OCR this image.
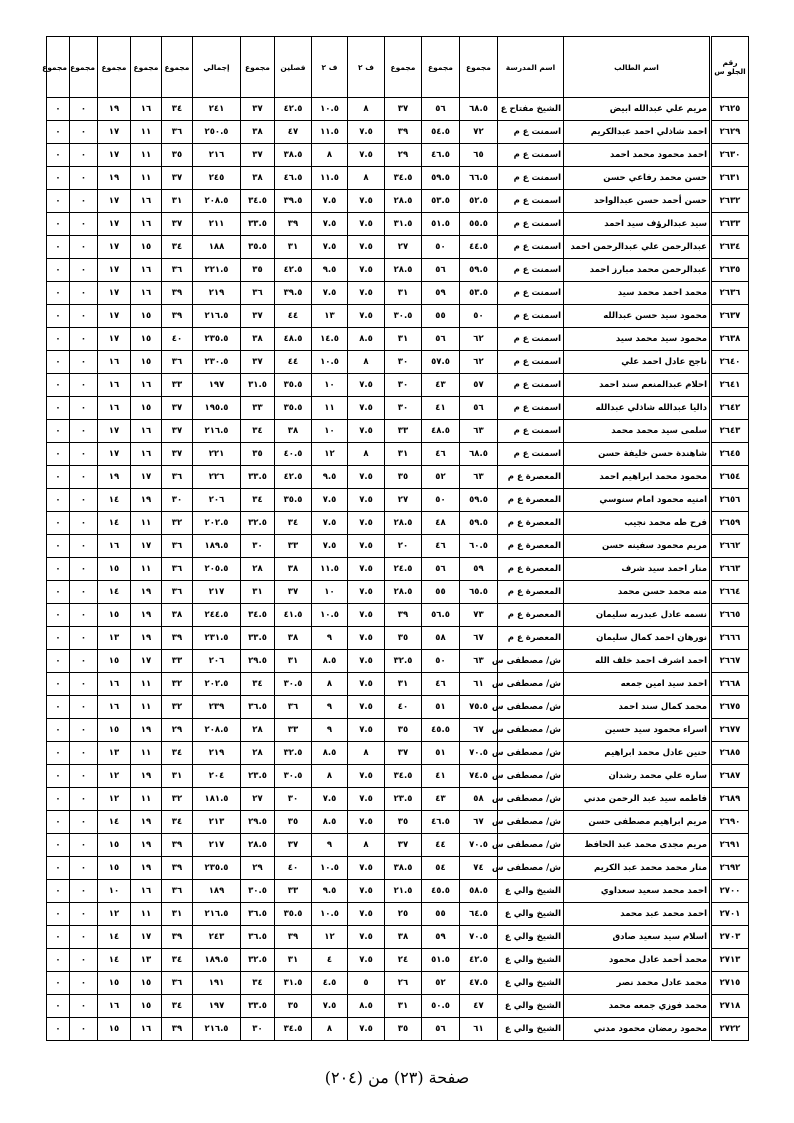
رقم الجلو س	اسم الطالب	اسم المدرسة	مجموع	مجموع	مجموع	ف ٢	ف ٢	فصلين	مجموع	إجمالي	مجموع	مجموع	مجموع	مجموع	مجموع
٢٦٢٥	مريم علي عبدالله ابيض	الشيخ مفتاح ع	٦٨.٥	٥٦	٣٧	٨	١٠.٥	٤٢.٥	٣٧	٢٤١	٣٤	١٦	١٩	٠	٠
٢٦٢٩	احمد شاذلي احمد عبدالكريم	اسمنت ع م	٧٢	٥٤.٥	٣٩	٧.٥	١١.٥	٤٧	٣٨	٢٥٠.٥	٣٦	١١	١٧	٠	٠
٢٦٣٠	احمد محمود محمد احمد	اسمنت ع م	٦٥	٤٦.٥	٢٩	٧.٥	٨	٣٨.٥	٣٧	٢١٦	٣٥	١١	١٧	٠	٠
٢٦٣١	حسن محمد رفاعي حسن	اسمنت ع م	٦٦.٥	٥٩.٥	٣٤.٥	٨	١١.٥	٤٦.٥	٣٨	٢٤٥	٣٧	١١	١٩	٠	٠
٢٦٣٢	حسن أحمد حسن عبدالواحد	اسمنت ع م	٥٢.٥	٥٣.٥	٢٨.٥	٧.٥	٧.٥	٣٩.٥	٣٤.٥	٢٠٨.٥	٣١	١٦	١٧	٠	٠
٢٦٣٣	سيد عبدالرؤف سيد احمد	اسمنت ع م	٥٥.٥	٥١.٥	٣١.٥	٧.٥	٧.٥	٣٩	٣٣.٥	٢١١	٣٧	١٦	١٧	٠	٠
٢٦٣٤	عبدالرحمن علي عبدالرحمن احمد	اسمنت ع م	٤٤.٥	٥٠	٢٧	٧.٥	٧.٥	٣١	٣٥.٥	١٨٨	٣٤	١٥	١٧	٠	٠
٢٦٣٥	عبدالرحمن محمد مبارز احمد	اسمنت ع م	٥٩.٥	٥٦	٢٨.٥	٧.٥	٩.٥	٤٢.٥	٣٥	٢٢١.٥	٣٦	١٦	١٧	٠	٠
٢٦٣٦	محمد احمد محمد سيد	اسمنت ع م	٥٣.٥	٥٩	٣١	٧.٥	٧.٥	٣٩.٥	٣٦	٢١٩	٣٩	١٦	١٧	٠	٠
٢٦٣٧	محمود سيد حسن عبدالله	اسمنت ع م	٥٠	٥٥	٣٠.٥	٧.٥	١٣	٤٤	٣٧	٢١٦.٥	٣٩	١٥	١٧	٠	٠
٢٦٣٨	محمود سيد محمد سيد	اسمنت ع م	٦٢	٥٦	٣١	٨.٥	١٤.٥	٤٨.٥	٣٨	٢٣٥.٥	٤٠	١٥	١٧	٠	٠
٢٦٤٠	ناجح عادل احمد علي	اسمنت ع م	٦٢	٥٧.٥	٣٠	٨	١٠.٥	٤٤	٣٧	٢٣٠.٥	٣٦	١٥	١٦	٠	٠
٢٦٤١	احلام عبدالمنعم سند احمد	اسمنت ع م	٥٧	٤٣	٣٠	٧.٥	١٠	٣٥.٥	٣١.٥	١٩٧	٣٣	١٦	١٦	٠	٠
٢٦٤٢	داليا عبدالله شاذلي عبدالله	اسمنت ع م	٥٦	٤١	٣٠	٧.٥	١١	٣٥.٥	٣٣	١٩٥.٥	٣٧	١٥	١٦	٠	٠
٢٦٤٣	سلمى سيد محمد محمد	اسمنت ع م	٦٣	٤٨.٥	٣٣	٧.٥	١٠	٣٨	٣٤	٢١٦.٥	٣٧	١٦	١٧	٠	٠
٢٦٤٥	شاهندة حسن خليفة حسن	اسمنت ع م	٦٨.٥	٤٦	٣١	٨	١٢	٤٠.٥	٣٥	٢٢١	٣٧	١٦	١٧	٠	٠
٢٦٥٤	محمود محمد ابراهيم احمد	المعصرة ع م	٦٣	٥٢	٣٥	٧.٥	٩.٥	٤٢.٥	٣٣.٥	٢٢٦	٣٦	١٧	١٩	٠	٠
٢٦٥٦	امنيه محمود امام سنوسي	المعصرة ع م	٥٩.٥	٥٠	٢٧	٧.٥	٧.٥	٣٥.٥	٣٤	٢٠٦	٣٠	١٩	١٤	٠	٠
٢٦٥٩	فرح طه محمد نجيب	المعصرة ع م	٥٩.٥	٤٨	٢٨.٥	٧.٥	٧.٥	٣٤	٣٢.٥	٢٠٢.٥	٣٢	١١	١٤	٠	٠
٢٦٦٢	مريم محمود سفينه حسن	المعصرة ع م	٦٠.٥	٤٦	٢٠	٧.٥	٧.٥	٣٣	٣٠	١٨٩.٥	٣٦	١٧	١٦	٠	٠
٢٦٦٣	منار احمد سيد شرف	المعصرة ع م	٥٩	٥٦	٢٤.٥	٧.٥	١١.٥	٣٨	٢٨	٢٠٥.٥	٣٦	١١	١٥	٠	٠
٢٦٦٤	منه محمد حسن محمد	المعصرة ع م	٦٥.٥	٥٥	٢٨.٥	٧.٥	١٠	٣٧	٣١	٢١٧	٣٦	١٩	١٤	٠	٠
٢٦٦٥	نسمه عادل عبدربه سليمان	المعصرة ع م	٧٣	٥٦.٥	٣٩	٧.٥	١٠.٥	٤١.٥	٣٤.٥	٢٤٤.٥	٣٨	١٩	١٥	٠	٠
٢٦٦٦	نورهان احمد كمال سليمان	المعصرة ع م	٦٧	٥٨	٣٥	٧.٥	٩	٣٨	٣٣.٥	٢٣١.٥	٣٩	١٩	١٣	٠	٠
٢٦٦٧	احمد اشرف احمد خلف الله	ش/ مصطفى س	٦٣	٥٠	٣٢.٥	٧.٥	٨.٥	٣١	٢٩.٥	٢٠٦	٣٣	١٧	١٥	٠	٠
٢٦٦٨	احمد سيد امين جمعه	ش/ مصطفى س	٦١	٤٦	٣١	٧.٥	٨	٣٠.٥	٣٤	٢٠٢.٥	٣٢	١١	١٦	٠	٠
٢٦٧٥	محمد كمال سند احمد	ش/ مصطفى س	٧٥.٥	٥١	٤٠	٧.٥	٩	٣٦	٣٦.٥	٢٣٩	٣٢	١١	١٦	٠	٠
٢٦٧٧	اسراء محمود سيد حسين	ش/ مصطفى س	٦٧	٤٥.٥	٣٥	٧.٥	٩	٣٣	٢٨	٢٠٨.٥	٢٩	١٩	١٥	٠	٠
٢٦٨٥	حنين عادل محمد ابراهيم	ش/ مصطفى س	٧٠.٥	٥١	٣٧	٨	٨.٥	٣٢.٥	٢٨	٢١٩	٣٤	١١	١٣	٠	٠
٢٦٨٧	ساره علي محمد رشدان	ش/ مصطفى س	٧٤.٥	٤١	٣٤.٥	٧.٥	٨	٣٠.٥	٢٣.٥	٢٠٤	٣١	١٩	١٢	٠	٠
٢٦٨٩	فاطمه سيد عبد الرحمن مدني	ش/ مصطفى س	٥٨	٤٣	٢٣.٥	٧.٥	٧.٥	٣٠	٢٧	١٨١.٥	٣٢	١١	١٢	٠	٠
٢٦٩٠	مريم ابراهيم مصطفى حسن	ش/ مصطفى س	٦٧	٤٦.٥	٣٥	٧.٥	٨.٥	٣٥	٢٩.٥	٢١٣	٣٤	١٩	١٤	٠	٠
٢٦٩١	مريم مجدى محمد عبد الحافظ	ش/ مصطفى س	٧٠.٥	٤٤	٣٧	٨	٩	٣٧	٢٨.٥	٢١٧	٣٩	١٩	١٥	٠	٠
٢٦٩٢	منار محمد محمد عبد الكريم	ش/ مصطفى س	٧٤	٥٤	٣٨.٥	٧.٥	١٠.٥	٤٠	٢٩	٢٣٥.٥	٣٩	١٩	١٥	٠	٠
٢٧٠٠	احمد محمد سعيد سعداوي	الشيخ والي ع	٥٨.٥	٤٥.٥	٢١.٥	٧.٥	٩.٥	٣٣	٣٠.٥	١٨٩	٣٦	١٦	١٠	٠	٠
٢٧٠١	احمد محمد عبد محمد	الشيخ والي ع	٦٤.٥	٥٥	٢٥	٧.٥	١٠.٥	٣٥.٥	٣٦.٥	٢١٦.٥	٣١	١١	١٢	٠	٠
٢٧٠٣	اسلام سيد سعيد صادق	الشيخ والي ع	٧٠.٥	٥٩	٣٨	٧.٥	١٢	٣٩	٣٦.٥	٢٤٣	٣٩	١٧	١٤	٠	٠
٢٧١٣	محمد أحمد عادل محمود	الشيخ والي ع	٤٢.٥	٥١.٥	٢٤	٧.٥	٤	٣١	٣٢.٥	١٨٩.٥	٣٤	١٣	١٤	٠	٠
٢٧١٥	محمد عادل محمد نصر	الشيخ والي ع	٤٧.٥	٥٢	٢٦	٥	٤.٥	٣١.٥	٣٤	١٩١	٣٦	١٥	١٥	٠	٠
٢٧١٨	محمد فوزي جمعه محمد	الشيخ والي ع	٤٧	٥٠.٥	٣١	٨.٥	٧.٥	٣٥	٣٣.٥	١٩٧	٣٤	١٥	١٦	٠	٠
٢٧٢٢	محمود رمضان محمود مدني	الشيخ والي ع	٦١	٥٦	٣٥	٧.٥	٨	٣٤.٥	٣٠	٢١٦.٥	٣٩	١٦	١٥	٠	٠
صفحة (٢٣) من (٢٠٤)
